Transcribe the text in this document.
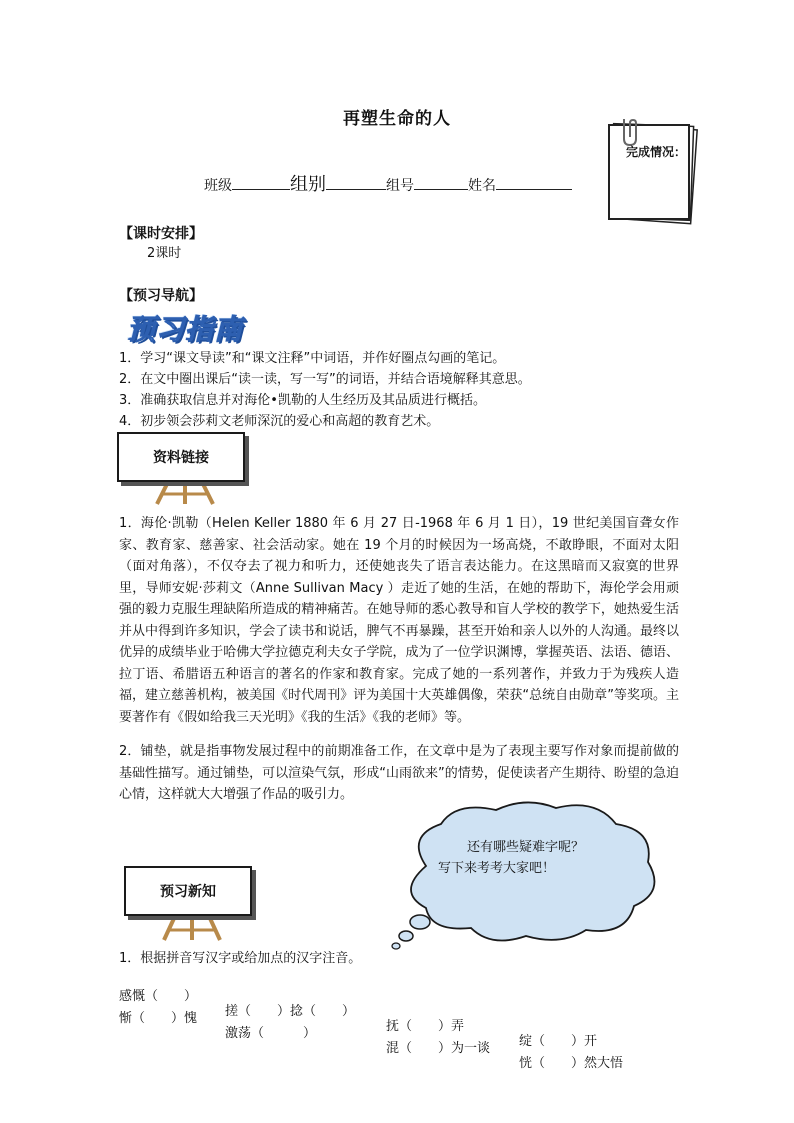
再塑生命的人
完成情况：
班级	组别	组号	姓名
【课时安排】
2课时
【预习导航】
预习指南
1．学习“课文导读”和“课文注释”中词语，并作好圈点勾画的笔记。
2．在文中圈出课后“读一读，写一写”的词语，并结合语境解释其意思。
3．准确获取信息并对海伦•凯勒的人生经历及其品质进行概括。
4．初步领会莎莉文老师深沉的爱心和高超的教育艺术。
资料链接
1．海伦·凯勒（Helen Keller 1880 年 6 月 27 日-1968 年 6 月 1 日），19 世纪美国盲聋女作家、教育家、慈善家、社会活动家。她在 19 个月的时候因为一场高烧，不敢睁眼，不面对太阳（面对角落），不仅夺去了视力和听力，还使她丧失了语言表达能力。在这黑暗而又寂寞的世界里，导师安妮·莎莉文（Anne Sullivan Macy ）走近了她的生活，在她的帮助下，海伦学会用顽强的毅力克服生理缺陷所造成的精神痛苦。在她导师的悉心教导和盲人学校的教学下，她热爱生活并从中得到许多知识，学会了读书和说话，脾气不再暴躁，甚至开始和亲人以外的人沟通。最终以优异的成绩毕业于哈佛大学拉德克利夫女子学院，成为了一位学识渊博，掌握英语、法语、德语、拉丁语、希腊语五种语言的著名的作家和教育家。完成了她的一系列著作，并致力于为残疾人造福，建立慈善机构，被美国《时代周刊》评为美国十大英雄偶像，荣获“总统自由勋章”等奖项。主要著作有《假如给我三天光明》《我的生活》《我的老师》等。
2．铺垫，就是指事物发展过程中的前期准备工作，在文章中是为了表现主要写作对象而提前做的基础性描写。通过铺垫，可以渲染气氛，形成“山雨欲来”的情势，促使读者产生期待、盼望的急迫心情，这样就大大增强了作品的吸引力。
还有哪些疑难字呢？
写下来考考大家吧！
预习新知
1．根据拼音写汉字或给加点的汉字注音。

感慨（　　）

搓（　　）捻（　　）

抚（　　）弄

绽（　　）开

惭（　　）愧

激荡（　　　）

混（　　）为一谈

恍（　　）然大悟
